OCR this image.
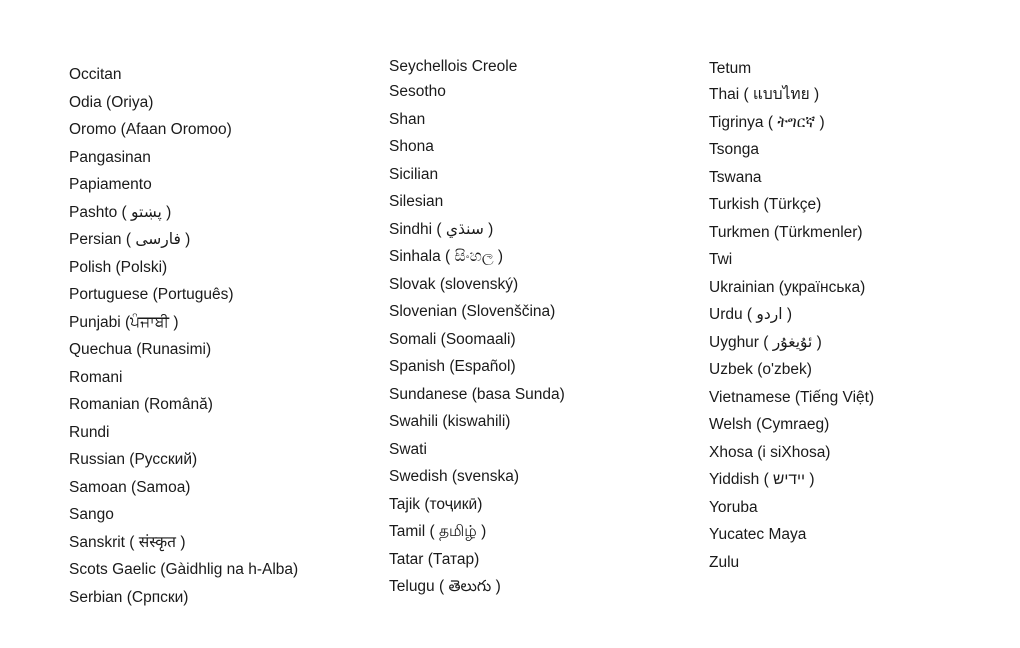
Occitan
Odia (Oriya)
Oromo (Afaan Oromoo)
Pangasinan
Papiamento
Pashto ( پښتو )
Persian ( فارسی )
Polish (Polski)
Portuguese (Português)
Punjabi (ਪੰਜਾਬੀ )
Quechua (Runasimi)
Romani
Romanian (Română)
Rundi
Russian (Русский)
Samoan (Samoa)
Sango
Sanskrit ( संस्कृत )
Scots Gaelic (Gàidhlig na h-Alba)
Serbian (Српски)
Seychellois Creole
Sesotho
Shan
Shona
Sicilian
Silesian
Sindhi ( سنڌي )
Sinhala ( සිංහල )
Slovak (slovenský)
Slovenian (Slovenščina)
Somali (Soomaali)
Spanish (Español)
Sundanese (basa Sunda)
Swahili (kiswahili)
Swati
Swedish (svenska)
Tajik (тоҷикӣ)
Tamil ( தமிழ் )
Tatar (Татар)
Telugu ( తెలుగు )
Tetum
Thai ( แบบไทย )
Tigrinya ( ትግርኛ )
Tsonga
Tswana
Turkish (Türkçe)
Turkmen (Türkmenler)
Twi
Ukrainian (українська)
Urdu ( اردو )
Uyghur ( ئۇيغۇر )
Uzbek (o'zbek)
Vietnamese (Tiếng Việt)
Welsh (Cymraeg)
Xhosa (i siXhosa)
Yiddish ( יידיש )
Yoruba
Yucatec Maya
Zulu
